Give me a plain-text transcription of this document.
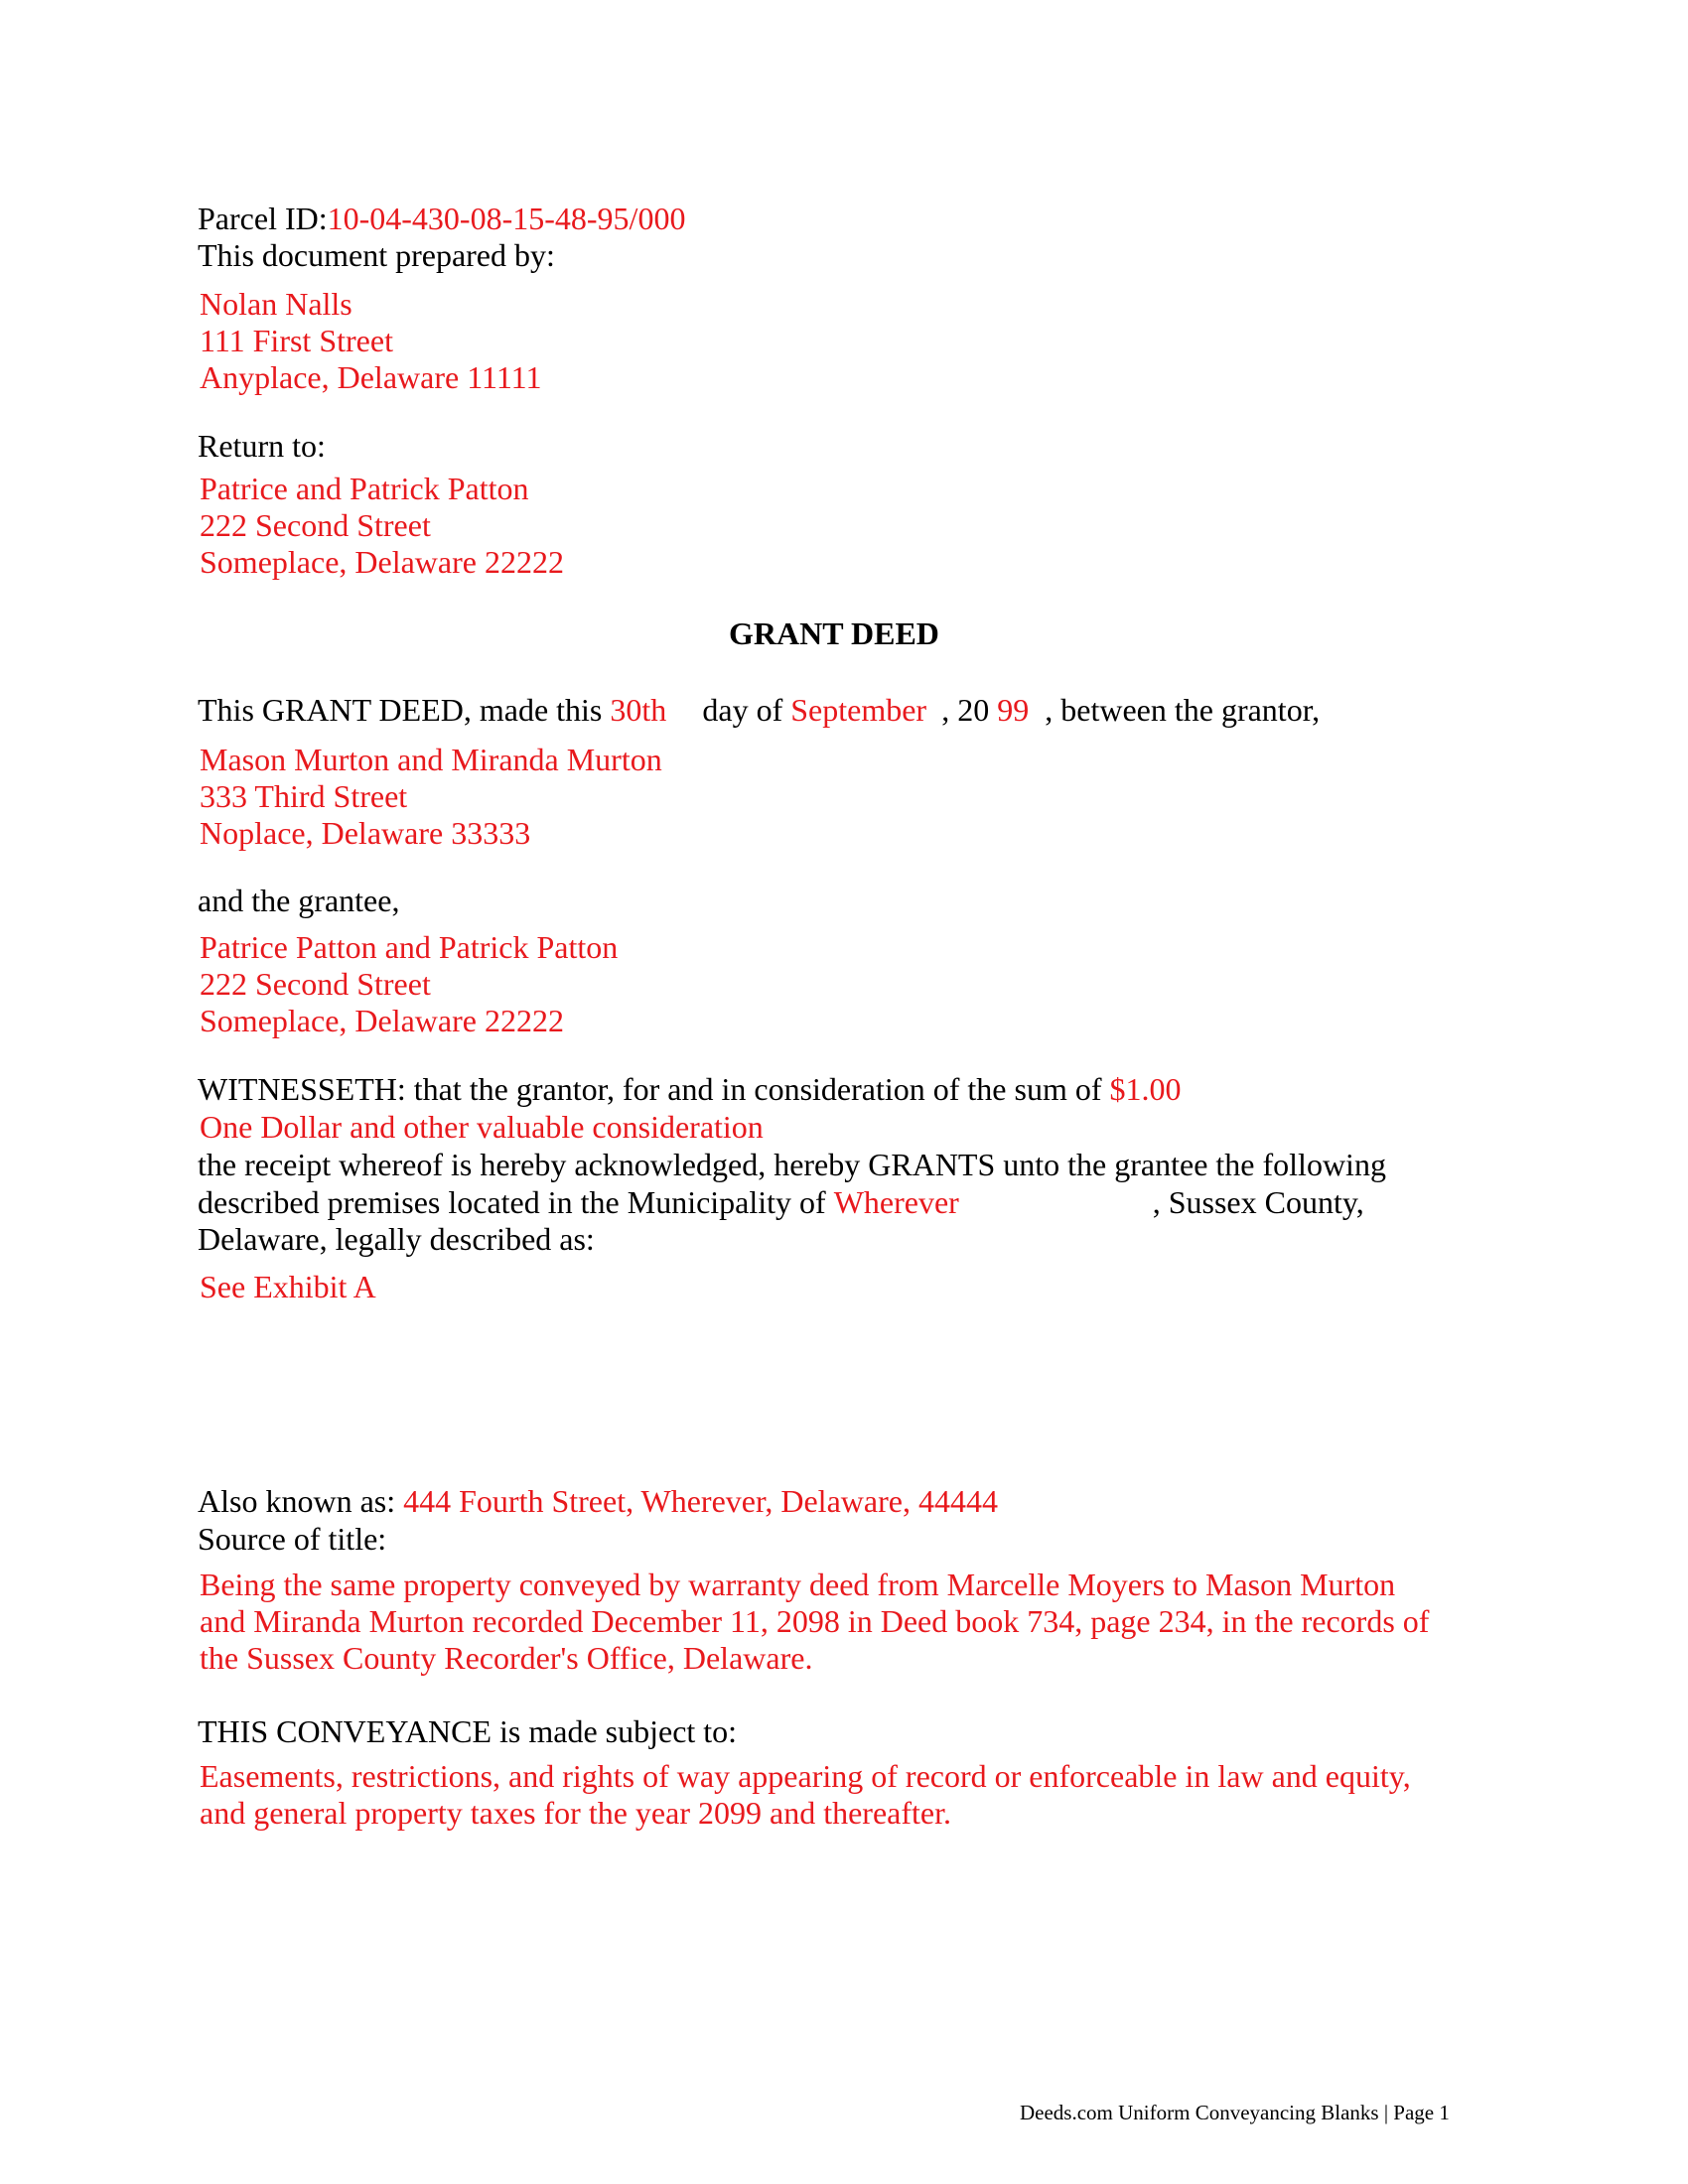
Parcel ID:10-04-430-08-15-48-95/000
This document prepared by:
Nolan Nalls
111 First Street
Anyplace, Delaware 11111
Return to:
Patrice and Patrick Patton
222 Second Street
Someplace, Delaware 22222
GRANT DEED
This GRANT DEED, made this 30th day of September , 20 99 , between the grantor,
Mason Murton and Miranda Murton
333 Third Street
Noplace, Delaware 33333
and the grantee,
Patrice Patton and Patrick Patton
222 Second Street
Someplace, Delaware 22222
WITNESSETH: that the grantor, for and in consideration of the sum of $1.00
One Dollar and other valuable consideration
the receipt whereof is hereby acknowledged, hereby GRANTS unto the grantee the following
described premises located in the Municipality of Wherever	, Sussex County,
Delaware, legally described as:
See Exhibit A
Also known as: 444 Fourth Street, Wherever, Delaware, 44444
Source of title:
Being the same property conveyed by warranty deed from Marcelle Moyers to Mason Murton
and Miranda Murton recorded December 11, 2098 in Deed book 734, page 234, in the records of
the Sussex County Recorder's Office, Delaware.
THIS CONVEYANCE is made subject to:
Easements, restrictions, and rights of way appearing of record or enforceable in law and equity,
and general property taxes for the year 2099 and thereafter.
Deeds.com Uniform Conveyancing Blanks | Page 1
